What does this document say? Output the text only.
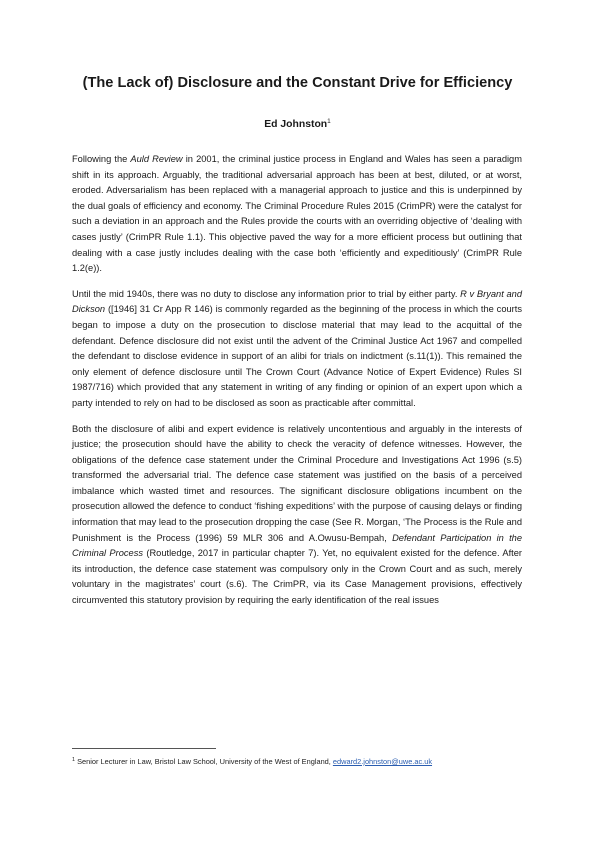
(The Lack of) Disclosure and the Constant Drive for Efficiency
Ed Johnston$^1$

Following the Auld Review in 2001, the criminal justice process in England and Wales has seen a paradigm shift in its approach. Arguably, the traditional adversarial approach has been at best, diluted, or at worst, eroded. Adversarialism has been replaced with a managerial approach to justice and this is underpinned by the dual goals of efficiency and economy. The Criminal Procedure Rules 2015 (CrimPR) were the catalyst for such a deviation in an approach and the Rules provide the courts with an overriding objective of ‘dealing with cases justly’ (CrimPR Rule 1.1). This objective paved the way for a more efficient process but outlining that dealing with a case justly includes dealing with the case both ‘efficiently and expeditiously’ (CrimPR Rule 1.2(e)).

Until the mid 1940s, there was no duty to disclose any information prior to trial by either party. R v Bryant and Dickson ([1946] 31 Cr App R 146) is commonly regarded as the beginning of the process in which the courts began to impose a duty on the prosecution to disclose material that may lead to the acquittal of the defendant. Defence disclosure did not exist until the advent of the Criminal Justice Act 1967 and compelled the defendant to disclose evidence in support of an alibi for trials on indictment (s.11(1)). This remained the only element of defence disclosure until The Crown Court (Advance Notice of Expert Evidence) Rules SI 1987/716) which provided that any statement in writing of any finding or opinion of an expert upon which a party intended to rely on had to be disclosed as soon as practicable after committal.

Both the disclosure of alibi and expert evidence is relatively uncontentious and arguably in the interests of justice; the prosecution should have the ability to check the veracity of defence witnesses. However, the obligations of the defence case statement under the Criminal Procedure and Investigations Act 1996 (s.5) transformed the adversarial trial. The defence case statement was justified on the basis of a perceived imbalance which wasted timet and resources. The significant disclosure obligations incumbent on the prosecution allowed the defence to conduct ‘fishing expeditions’ with the purpose of causing delays or finding information that may lead to the prosecution dropping the case (See R. Morgan, ‘The Process is the Rule and Punishment is the Process (1996) 59 MLR 306 and A.Owusu-Bempah, Defendant Participation in the Criminal Process (Routledge, 2017 in particular chapter 7). Yet, no equivalent existed for the defence. After its introduction, the defence case statement was compulsory only in the Crown Court and as such, merely voluntary in the magistrates’ court (s.6). The CrimPR, via its Case Management provisions, effectively circumvented this statutory provision by requiring the early identification of the real issues

$^1$ Senior Lecturer in Law, Bristol Law School, University of the West of England, edward2.johnston@uwe.ac.uk
